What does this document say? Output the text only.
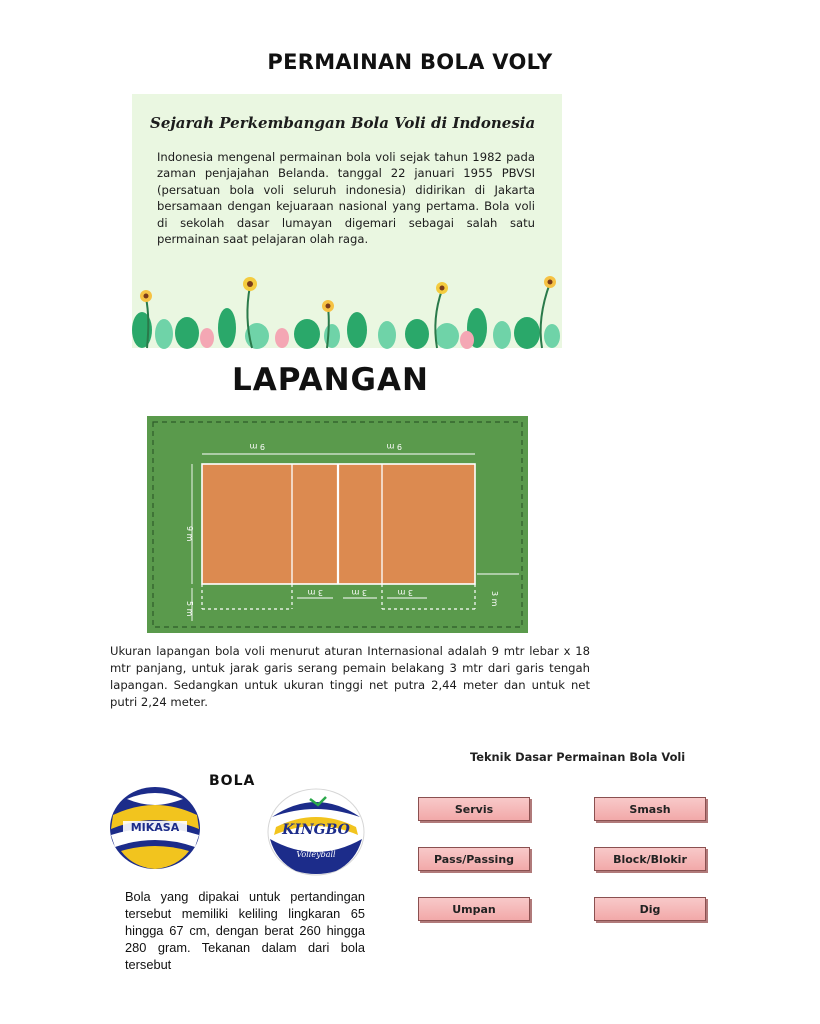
PERMAINAN BOLA VOLY
Sejarah Perkembangan Bola Voli di Indonesia
Indonesia mengenal permainan bola voli sejak tahun 1982 pada zaman penjajahan Belanda. tanggal 22 januari 1955 PBVSI (persatuan bola voli seluruh indonesia) didirikan di Jakarta bersamaan dengan kejuaraan nasional yang pertama. Bola voli di sekolah dasar lumayan digemari sebagai salah satu permainan saat pelajaran olah raga.
LAPANGAN
9 m	9 m
9 m
5 m
3 m	3 m	3 m	3 m
Ukuran lapangan bola voli menurut aturan Internasional adalah 9 mtr lebar x 18 mtr panjang, untuk jarak garis serang pemain belakang 3 mtr dari garis tengah lapangan. Sedangkan untuk ukuran tinggi net putra 2,44 meter dan untuk net putri 2,24 meter.
BOLA
MIKASA	KINGBO
Volleyball
Bola yang dipakai untuk pertandingan tersebut memiliki keliling lingkaran 65 hingga 67 cm, dengan berat 260 hingga 280 gram. Tekanan dalam dari bola tersebut
Teknik Dasar Permainan Bola Voli
Servis	Smash
Pass/Passing	Block/Blokir
Umpan	Dig
